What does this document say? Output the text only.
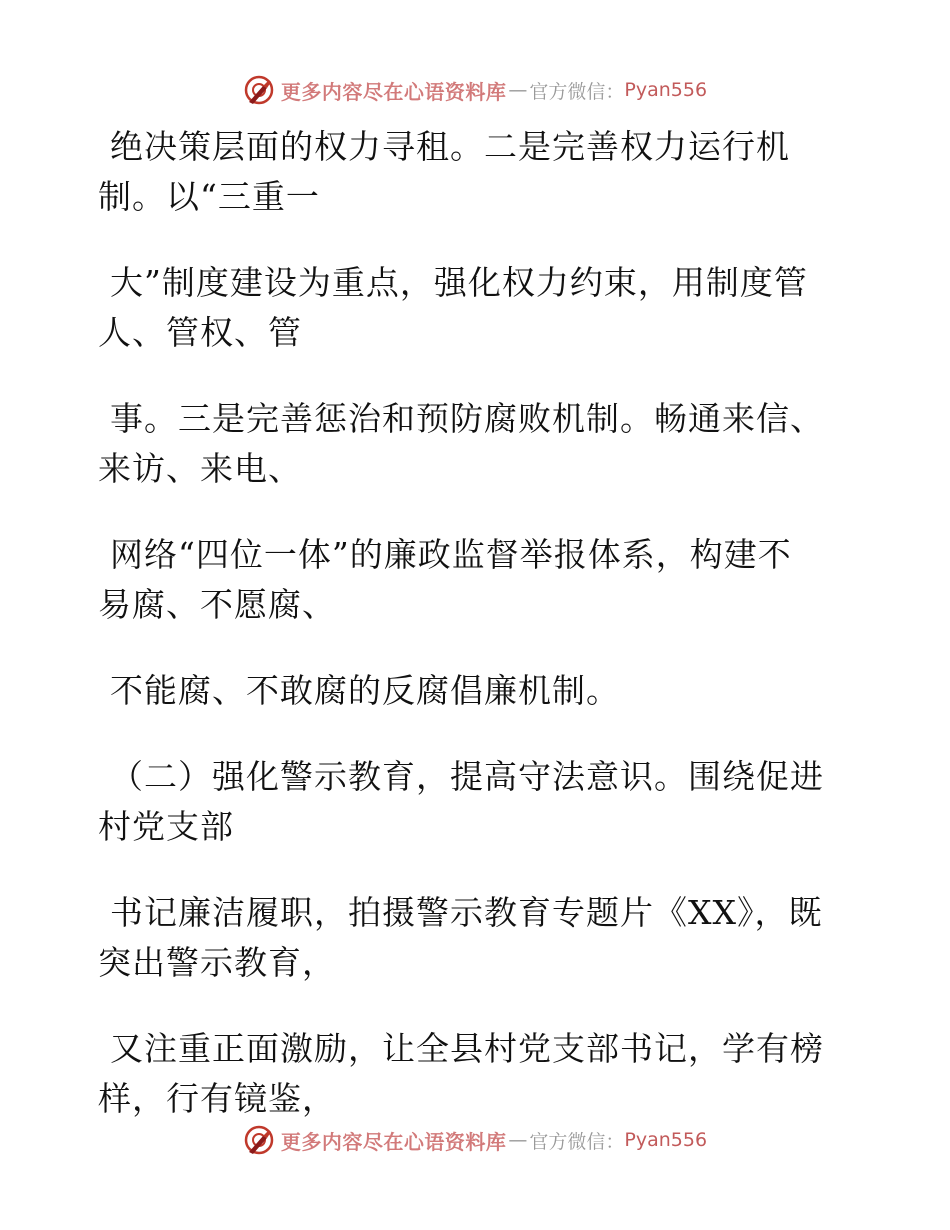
更多内容尽在心语资料库 — 官方微信： Pyan556

绝决策层面的权力寻租。二是完善权力运行机
制。以“三重一

大”制度建设为重点，强化权力约束，用制度管
人、管权、管

事。三是完善惩治和预防腐败机制。畅通来信、
来访、来电、

网络“四位一体”的廉政监督举报体系，构建不
易腐、不愿腐、

不能腐、不敢腐的反腐倡廉机制。

（二）强化警示教育，提高守法意识。围绕促进
村党支部

书记廉洁履职，拍摄警示教育专题片《XX》，既
突出警示教育，

又注重正面激励，让全县村党支部书记，学有榜
样，行有镜鉴，

更多内容尽在心语资料库 — 官方微信： Pyan556
